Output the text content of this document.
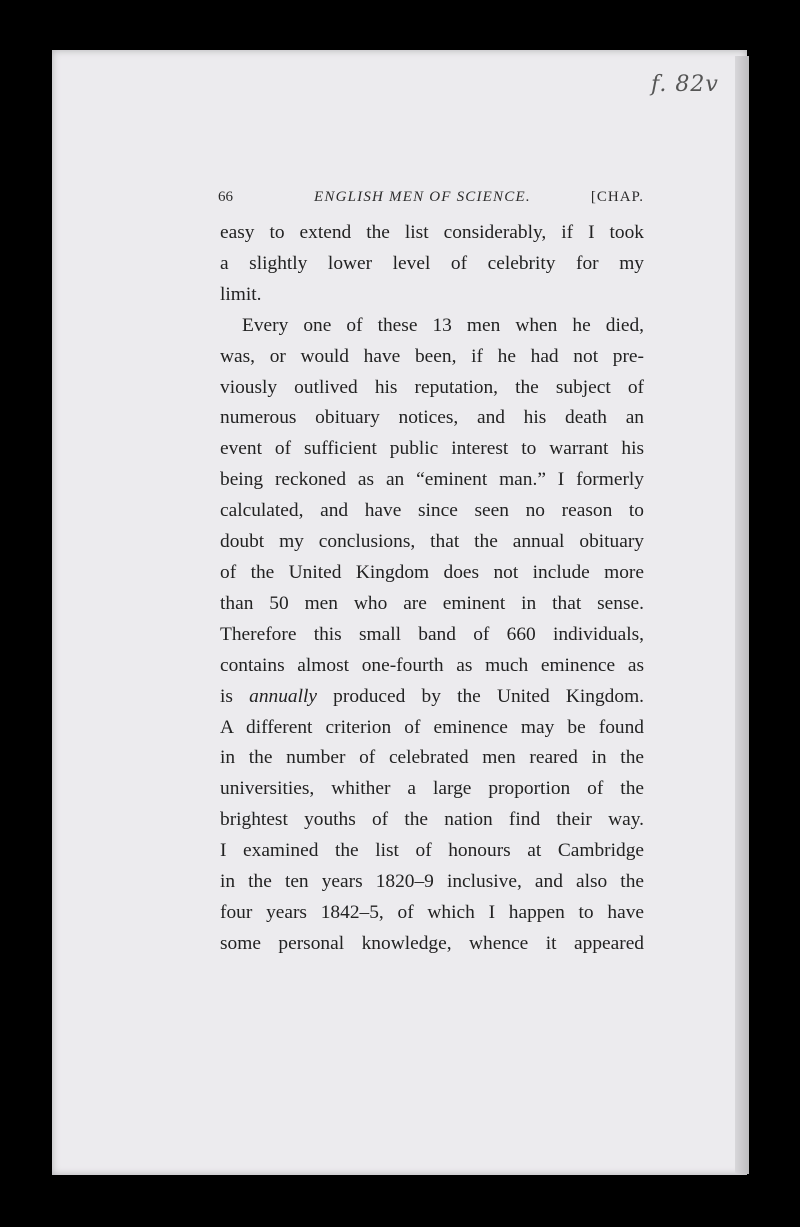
f. 82v
66	ENGLISH MEN OF SCIENCE.	[CHAP.
easy to extend the list considerably, if I took
a slightly lower level of celebrity for my
limit.
Every one of these 13 men when he died,
was, or would have been, if he had not pre-
viously outlived his reputation, the subject of
numerous obituary notices, and his death an
event of sufficient public interest to warrant his
being reckoned as an “eminent man.” I formerly
calculated, and have since seen no reason to
doubt my conclusions, that the annual obituary
of the United Kingdom does not include more
than 50 men who are eminent in that sense.
Therefore this small band of 660 individuals,
contains almost one-fourth as much eminence as
is annually produced by the United Kingdom.
A different criterion of eminence may be found
in the number of celebrated men reared in the
universities, whither a large proportion of the
brightest youths of the nation find their way.
I examined the list of honours at Cambridge
in the ten years 1820–9 inclusive, and also the
four years 1842–5, of which I happen to have
some personal knowledge, whence it appeared
